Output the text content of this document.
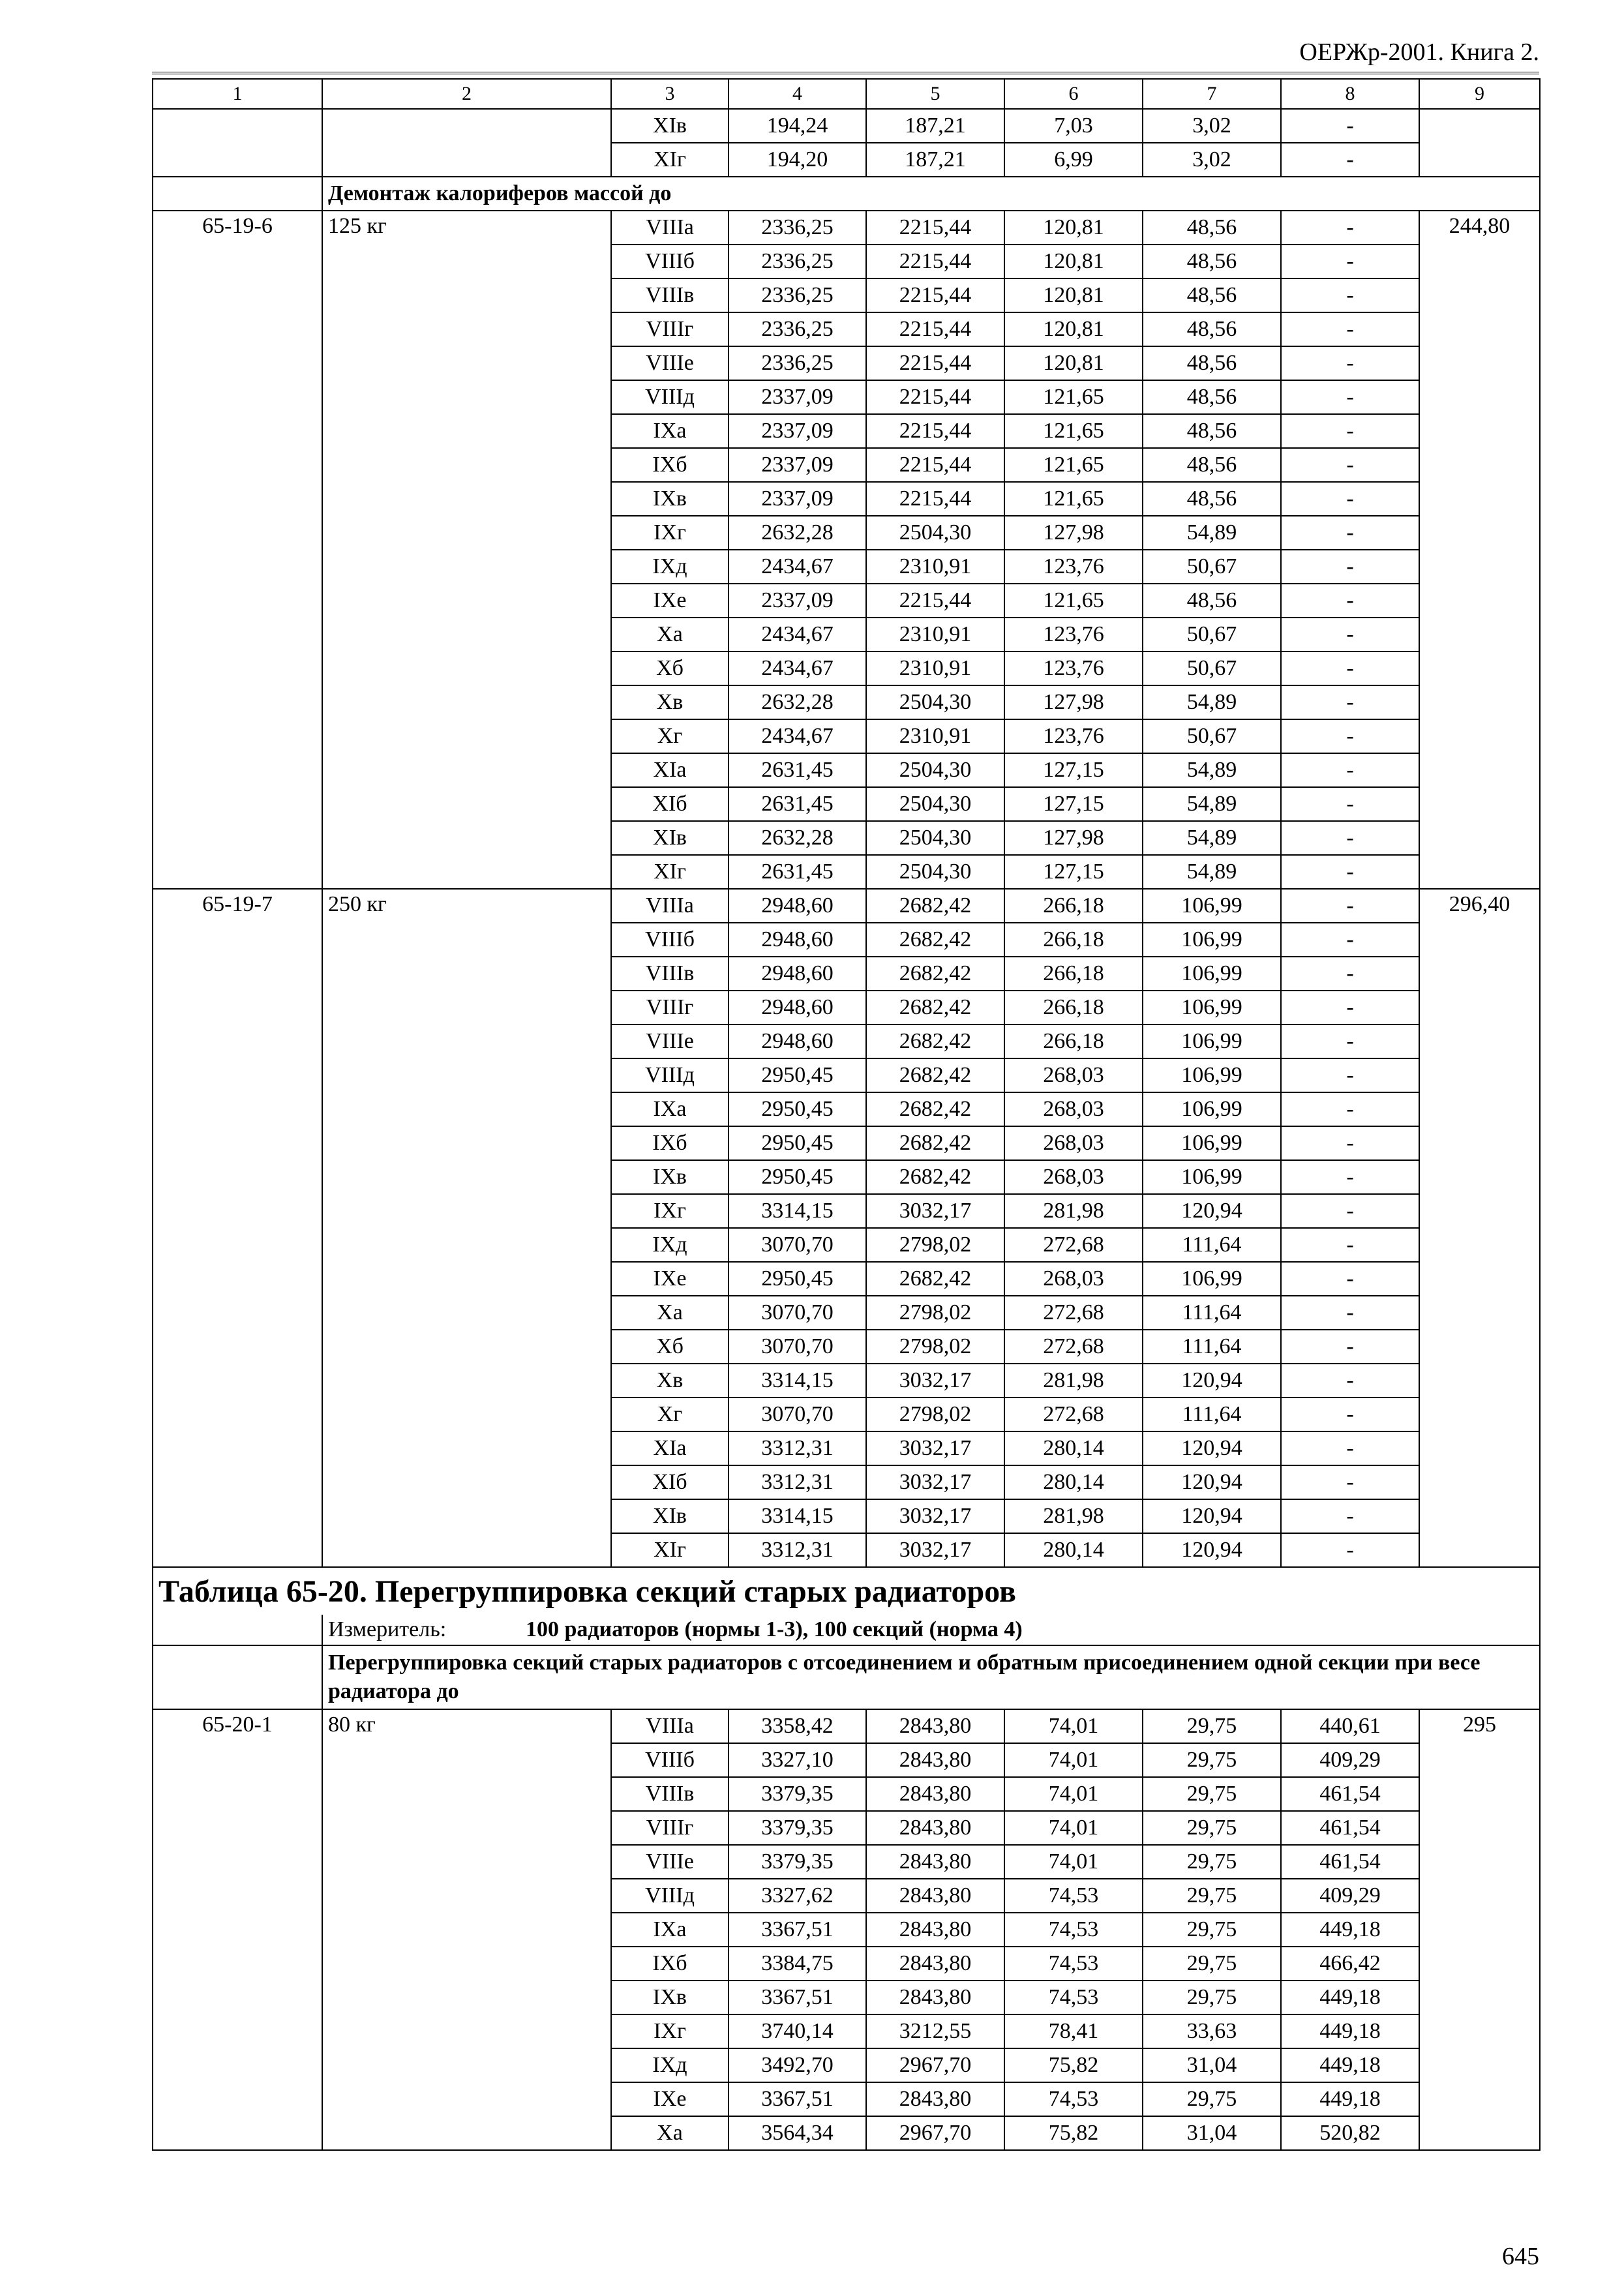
ОЕРЖр-2001. Книга 2.
1	2	3	4	5	6	7	8	9
		XIв	194,24	187,21	7,03	3,02	-	
		XIг	194,20	187,21	6,99	3,02	-	
	Демонтаж калориферов массой до							
65-19-6	125 кг	VIIIа	2336,25	2215,44	120,81	48,56	-	244,80
		VIIIб	2336,25	2215,44	120,81	48,56	-	
		VIIIв	2336,25	2215,44	120,81	48,56	-	
		VIIIг	2336,25	2215,44	120,81	48,56	-	
		VIIIе	2336,25	2215,44	120,81	48,56	-	
		VIIIд	2337,09	2215,44	121,65	48,56	-	
		IXа	2337,09	2215,44	121,65	48,56	-	
		IXб	2337,09	2215,44	121,65	48,56	-	
		IXв	2337,09	2215,44	121,65	48,56	-	
		IXг	2632,28	2504,30	127,98	54,89	-	
		IXд	2434,67	2310,91	123,76	50,67	-	
		IXе	2337,09	2215,44	121,65	48,56	-	
		Xа	2434,67	2310,91	123,76	50,67	-	
		Xб	2434,67	2310,91	123,76	50,67	-	
		Xв	2632,28	2504,30	127,98	54,89	-	
		Xг	2434,67	2310,91	123,76	50,67	-	
		XIа	2631,45	2504,30	127,15	54,89	-	
		XIб	2631,45	2504,30	127,15	54,89	-	
		XIв	2632,28	2504,30	127,98	54,89	-	
		XIг	2631,45	2504,30	127,15	54,89	-	
65-19-7	250 кг	VIIIа	2948,60	2682,42	266,18	106,99	-	296,40
		VIIIб	2948,60	2682,42	266,18	106,99	-	
		VIIIв	2948,60	2682,42	266,18	106,99	-	
		VIIIг	2948,60	2682,42	266,18	106,99	-	
		VIIIе	2948,60	2682,42	266,18	106,99	-	
		VIIIд	2950,45	2682,42	268,03	106,99	-	
		IXа	2950,45	2682,42	268,03	106,99	-	
		IXб	2950,45	2682,42	268,03	106,99	-	
		IXв	2950,45	2682,42	268,03	106,99	-	
		IXг	3314,15	3032,17	281,98	120,94	-	
		IXд	3070,70	2798,02	272,68	111,64	-	
		IXе	2950,45	2682,42	268,03	106,99	-	
		Xа	3070,70	2798,02	272,68	111,64	-	
		Xб	3070,70	2798,02	272,68	111,64	-	
		Xв	3314,15	3032,17	281,98	120,94	-	
		Xг	3070,70	2798,02	272,68	111,64	-	
		XIа	3312,31	3032,17	280,14	120,94	-	
		XIб	3312,31	3032,17	280,14	120,94	-	
		XIв	3314,15	3032,17	281,98	120,94	-	
		XIг	3312,31	3032,17	280,14	120,94	-	
Таблица 65-20. Перегруппировка секций старых радиаторов								
	Измеритель: 100 радиаторов (нормы 1-3), 100 секций (норма 4)							
	Перегруппировка секций старых радиаторов с отсоединением и обратным присоединением одной секции при весе радиатора до							
65-20-1	80 кг	VIIIа	3358,42	2843,80	74,01	29,75	440,61	295
		VIIIб	3327,10	2843,80	74,01	29,75	409,29	
		VIIIв	3379,35	2843,80	74,01	29,75	461,54	
		VIIIг	3379,35	2843,80	74,01	29,75	461,54	
		VIIIе	3379,35	2843,80	74,01	29,75	461,54	
		VIIIд	3327,62	2843,80	74,53	29,75	409,29	
		IXа	3367,51	2843,80	74,53	29,75	449,18	
		IXб	3384,75	2843,80	74,53	29,75	466,42	
		IXв	3367,51	2843,80	74,53	29,75	449,18	
		IXг	3740,14	3212,55	78,41	33,63	449,18	
		IXд	3492,70	2967,70	75,82	31,04	449,18	
		IXе	3367,51	2843,80	74,53	29,75	449,18	
		Xа	3564,34	2967,70	75,82	31,04	520,82	
645
